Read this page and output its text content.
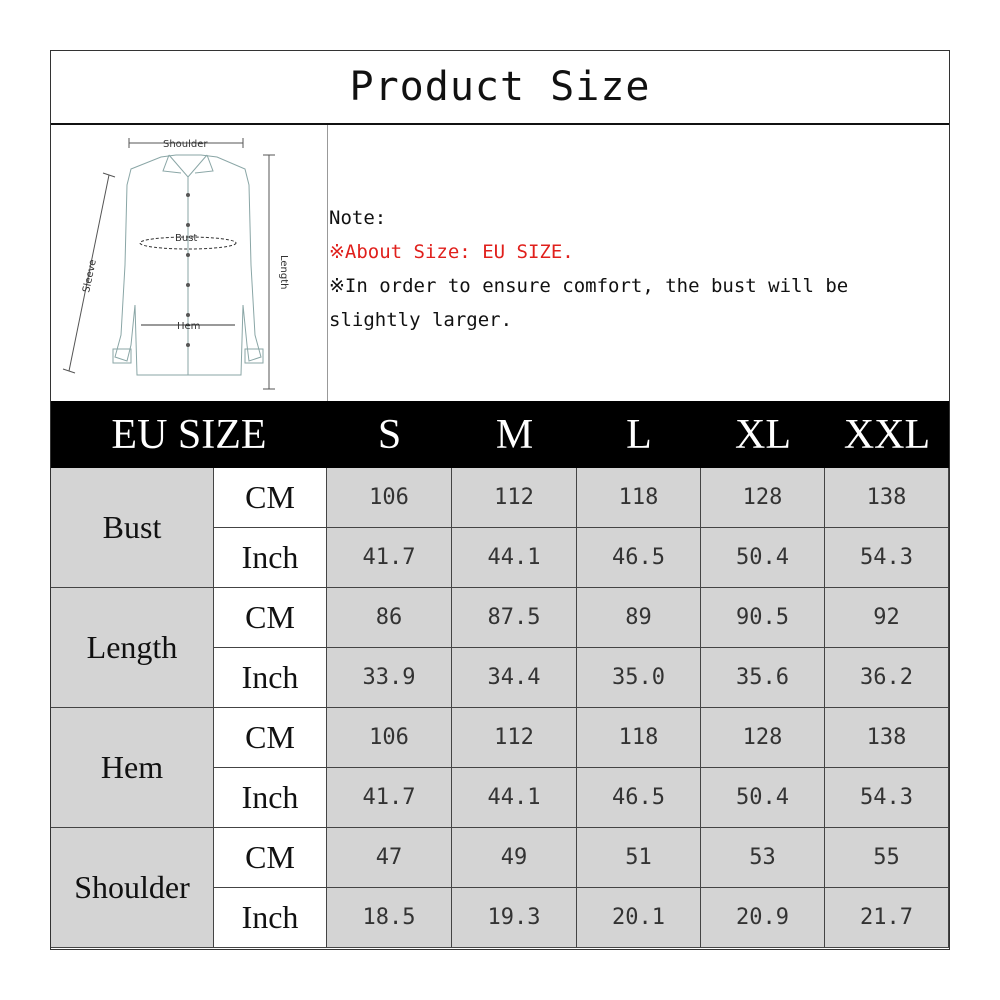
Product Size
Shoulder
Bust
Hem
Length
Sleeve
Note:
※About Size: EU SIZE.
※In order to ensure comfort, the bust will be
slightly larger.
EU SIZE	S M L XL XXL
Bust
CM
Inch
106
41.7
112
44.1
118
46.5
128
50.4
138
54.3
Length
CM
Inch
86
33.9
87.5
34.4
89
35.0
90.5
35.6
92
36.2
Hem
CM
Inch
106
41.7
112
44.1
118
46.5
128
50.4
138
54.3
Shoulder
CM
Inch
47
18.5
49
19.3
51
20.1
53
20.9
55
21.7
